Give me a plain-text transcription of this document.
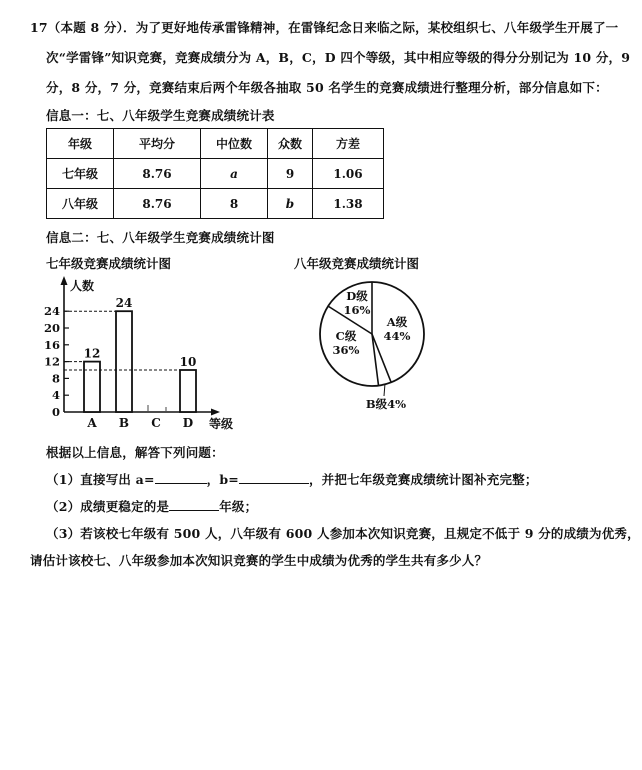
17（本题 8 分）．为了更好地传承雷锋精神，在雷锋纪念日来临之际，某校组织七、八年级学生开展了一
次“学雷锋”知识竞赛，竞赛成绩分为 A，B，C，D 四个等级，其中相应等级的得分分别记为 10 分，9
分，8 分，7 分，竞赛结束后两个年级各抽取 50 名学生的竞赛成绩进行整理分析，部分信息如下：
信息一：七、八年级学生竞赛成绩统计表
年级	平均分	中位数	众数	方差
七年级	8.76	a	9	1.06
八年级	8.76	8	b	1.38
信息二：七、八年级学生竞赛成绩统计图
七年级竞赛成绩统计图	八年级竞赛成绩统计图
人数
等级
0
4
8
12
16
20
24
12
A
24
B C
10
D
A级
44%
C级
36%
D级
16%
B级4%
根据以上信息，解答下列问题：
（1）直接写出 a=	，b=	，并把七年级竞赛成绩统计图补充完整；
（2）成绩更稳定的是	年级；
（3）若该校七年级有 500 人，八年级有 600 人参加本次知识竞赛，且规定不低于 9 分的成绩为优秀，
请估计该校七、八年级参加本次知识竞赛的学生中成绩为优秀的学生共有多少人？
